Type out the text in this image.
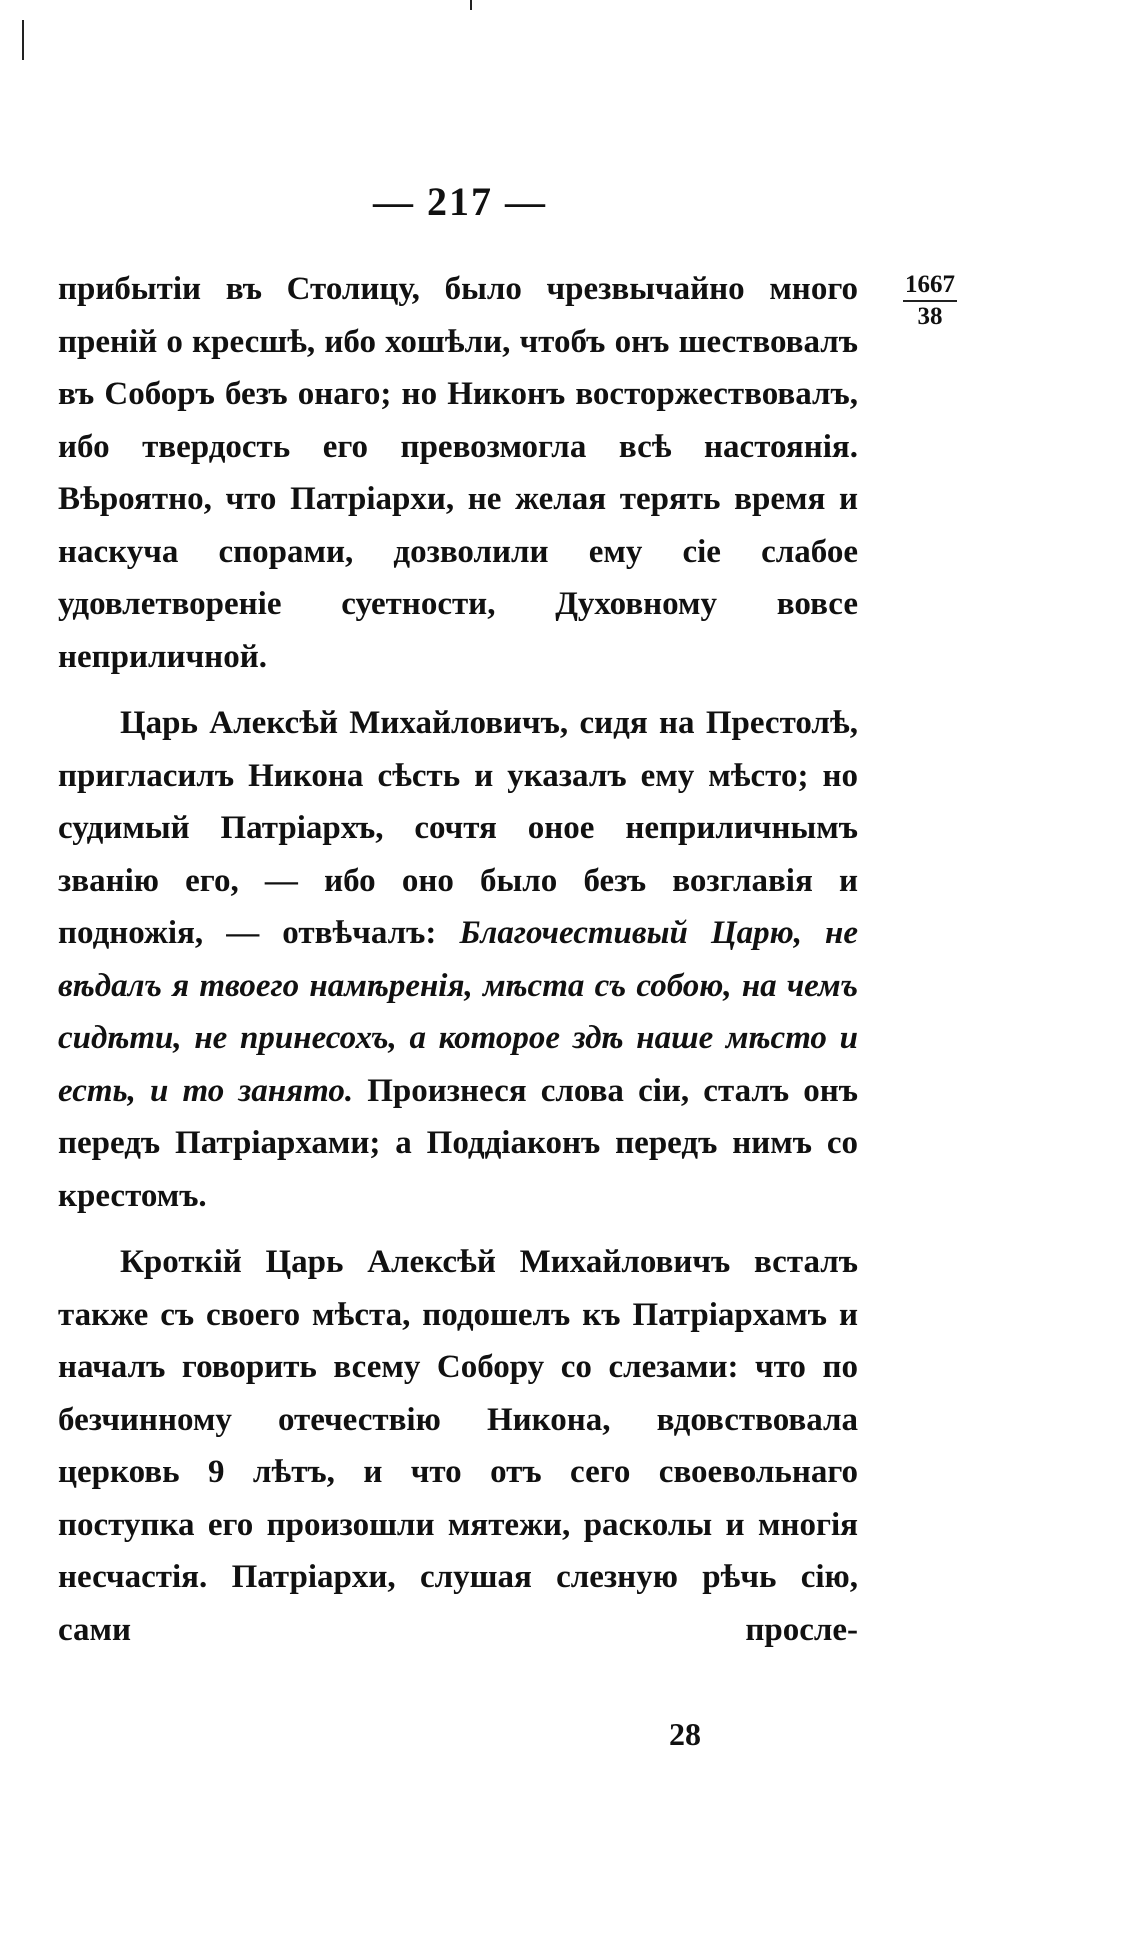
— 217 —
1667
38

прибытіи въ Столицу, было чрезвычайно много преній о кресшѣ, ибо хошѣли, чтобъ онъ шествовалъ въ Соборъ безъ онаго; но Никонъ восторжествовалъ, ибо твердость его превозмогла всѣ настоянія. Вѣроятно, что Патріархи, не желая терять время и наскуча спорами, дозволили ему сіе слабое удовлетвореніе суетности, Духовному вовсе неприличной.

Царь Алексѣй Михайловичъ, сидя на Престолѣ, пригласилъ Никона сѣсть и указалъ ему мѣсто; но судимый Патріархъ, сочтя оное неприличнымъ званію его, — ибо оно было безъ возглавія и подножія, — отвѣчалъ: Благочестивый Царю, не вѣдалъ я твоего намѣренія, мѣста съ собою, на чемъ сидѣти, не принесохъ, а которое здѣ наше мѣсто и есть, и то занято. Произнеся слова сіи, сталъ онъ передъ Патріархами; а Поддіаконъ передъ нимъ со крестомъ.

Кроткій Царь Алексѣй Михайловичъ всталъ также съ своего мѣста, подошелъ къ Патріархамъ и началъ говорить всему Собору со слезами: что по безчинному отечествію Никона, вдовствовала церковь 9 лѣтъ, и что отъ сего своевольнаго поступка его произошли мятежи, расколы и многія несчастія. Патріархи, слушая слезную рѣчь сію, сами просле-

28
